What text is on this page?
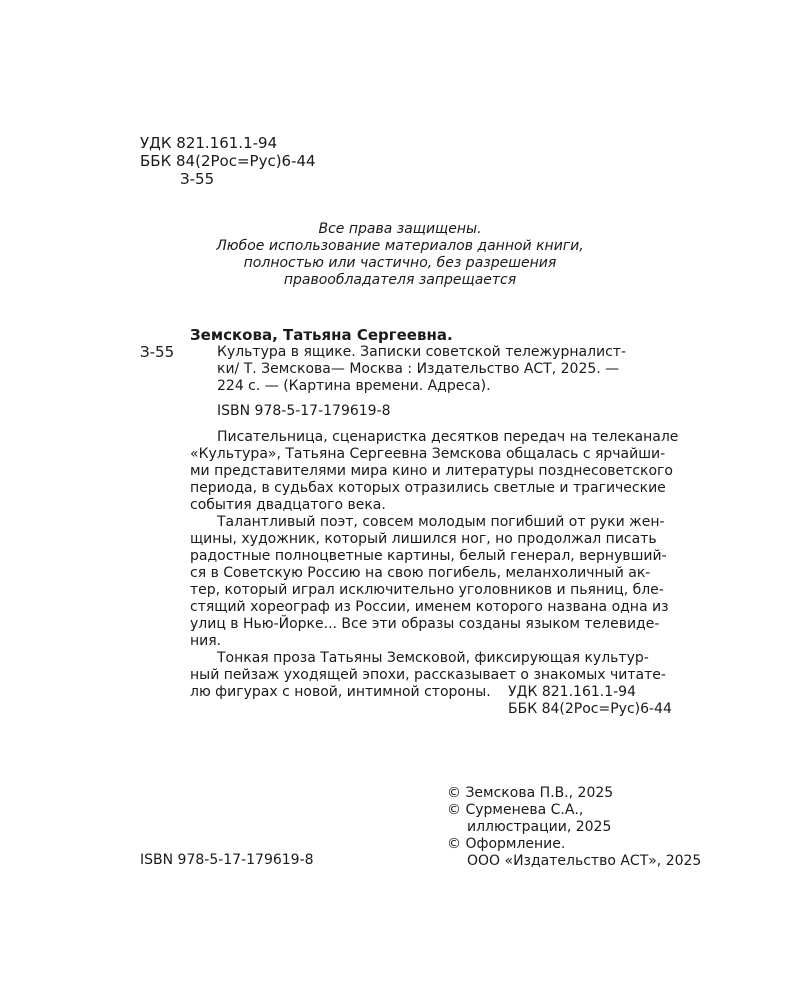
УДК 821.161.1-94
ББК 84(2Рос=Рус)6-44
З-55
Все права защищены.
Любое использование материалов данной книги,
полностью или частично, без разрешения
правообладателя запрещается
З-55
Земскова, Татьяна Сергеевна.
Культура в ящике. Записки советской тележурналист-
ки/ Т. Земскова— Москва : Издательство АСТ, 2025. —
224 с. — (Картина времени. Адреса).
ISBN 978-5-17-179619-8
Писательница, сценаристка десятков передач на телеканале
«Культура», Татьяна Сергеевна Земскова общалась с ярчайши-
ми представителями мира кино и литературы позднесоветского
периода, в судьбах которых отразились светлые и трагические
события двадцатого века.
Талантливый поэт, совсем молодым погибший от руки жен-
щины, художник, который лишился ног, но продолжал писать
радостные полноцветные картины, белый генерал, вернувший-
ся в Советскую Россию на свою погибель, меланхоличный ак-
тер, который играл исключительно уголовников и пьяниц, бле-
стящий хореограф из России, именем которого названа одна из
улиц в Нью-Йорке... Все эти образы созданы языком телевиде-
ния.
Тонкая проза Татьяны Земсковой, фиксирующая культур-
ный пейзаж уходящей эпохи, рассказывает о знакомых читате-
лю фигурах с новой, интимной стороны.	УДК 821.161.1-94
ББК 84(2Рос=Рус)6-44
© Земскова П.В., 2025
© Сурменева С.А.,
иллюстрации, 2025
© Оформление.
ООО «Издательство АСТ», 2025
ISBN 978-5-17-179619-8
